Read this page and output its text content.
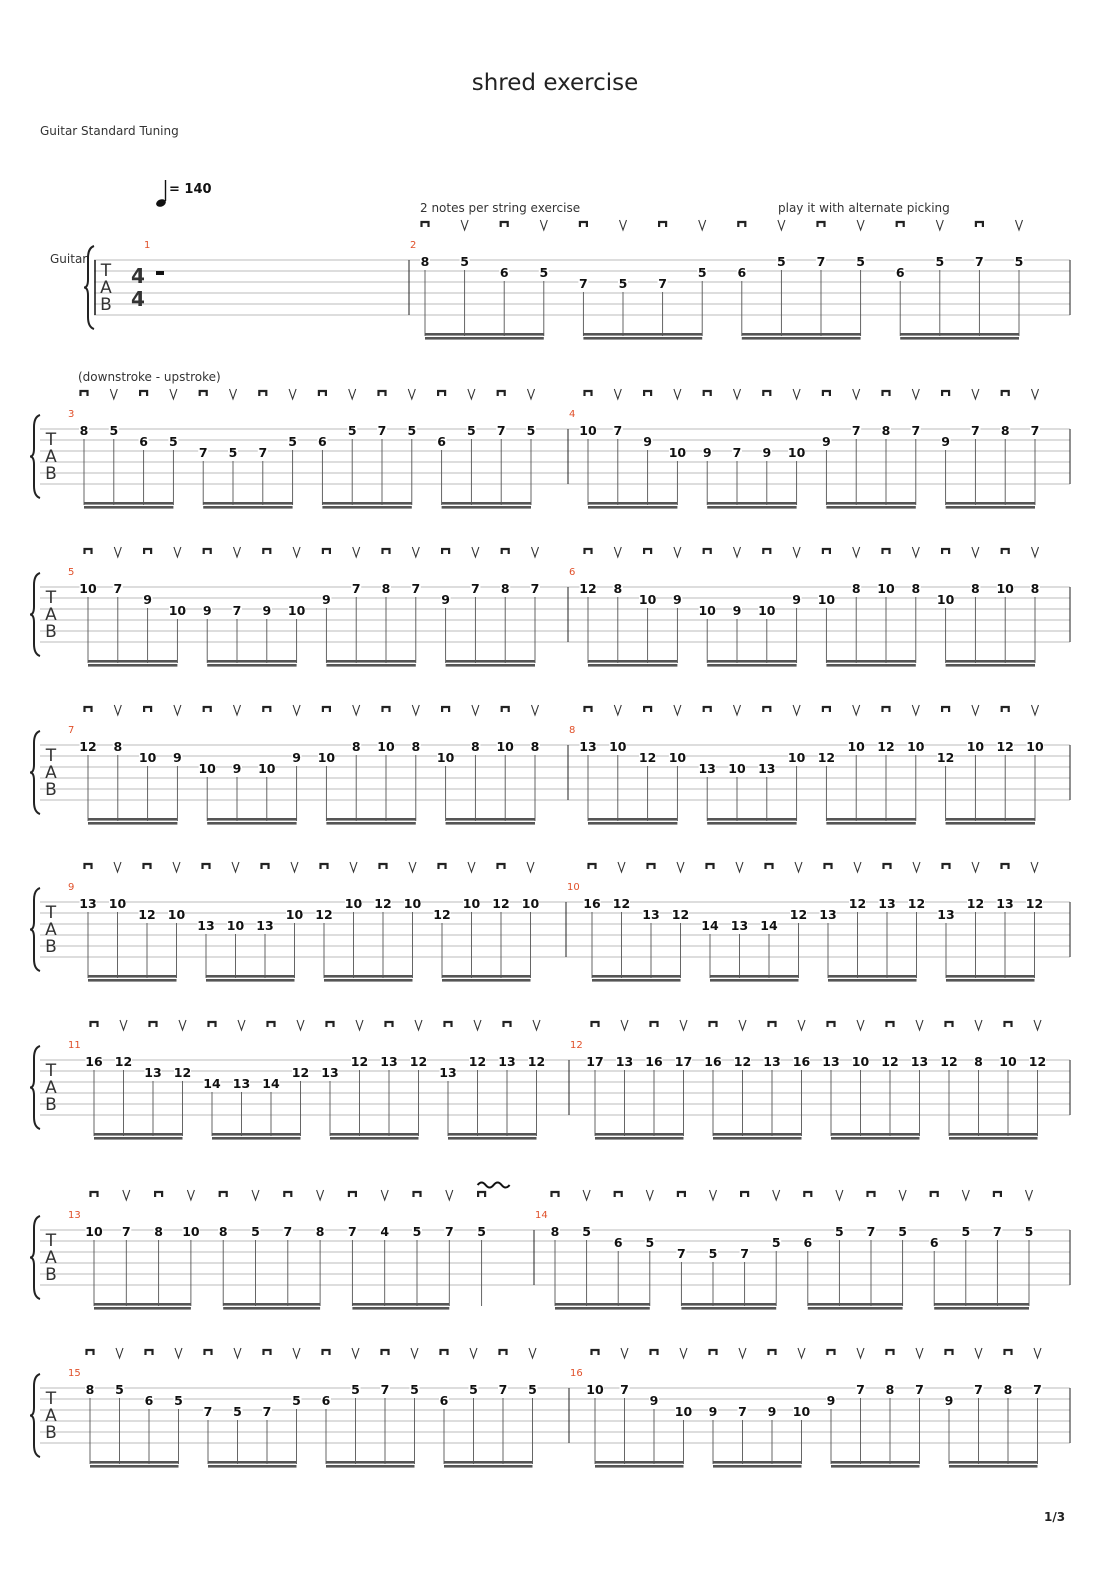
shred exercise
Guitar Standard Tuning
Guitar
= 140
2 notes per string exercise	play it with alternate picking
(downstroke - upstroke)
T
A
B
1
4
4
2
8 5
6 5
7 5 7
5 6
5 7 5
6
5 7 5
T
A
B
3
8 5
6 5
7 5 7
5 6
5 7 5
6
5 7 5
4
10 7
9
10 9 7 9 10
9
7 8 7
9
7 8 7
T
A
B
5
10 7
9
10 9 7 9 10
9
7 8 7
9
7 8 7
6
12 8
10 9
10 9 10
9 10
8 10 8
10
8 10 8
T
A
B
7
12 8
10 9
10 9 10
9 10
8 10 8
10
8 10 8
8
13 10
12 10
13 10 13
10 12
10 12 10
12
10 12 10
T
A
B
9
13 10
12 10
13 10 13
10 12
10 12 10
12
10 12 10
10
16 12
13 12
14 13 14
12 13
12 13 12
13
12 13 12
T
A
B
11
16 12
13 12
14 13 14
12 13
12 13 12
13
12 13 12
12
17 13 16 17 16 12 13 16 13 10 12 13 12 8 10 12
T
A
B
13
10 7 8 10 8 5 7 8 7 4 5 7 5
14
8 5
6 5
7 5 7
5 6
5 7 5
6
5 7 5
T
A
B
15
8 5
6 5
7 5 7
5 6
5 7 5
6
5 7 5
16
10 7
9
10 9 7 9 10
9
7 8 7
9
7 8 7
1/3
